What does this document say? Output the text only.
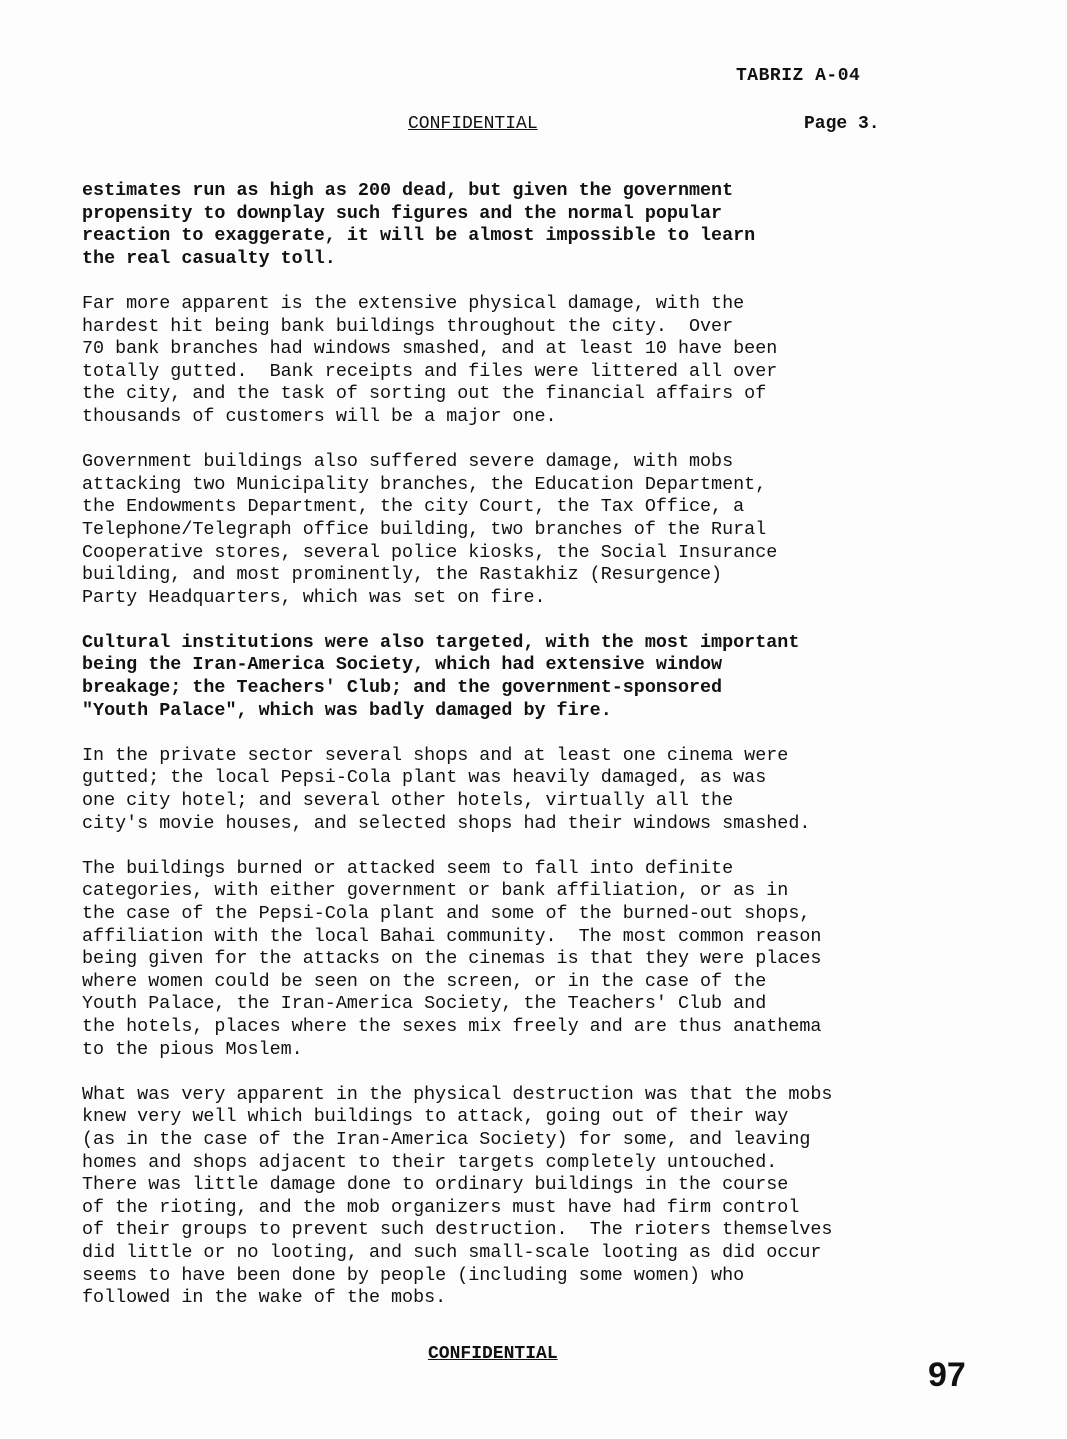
TABRIZ A-04
CONFIDENTIAL	Page 3.

estimates run as high as 200 dead, but given the government
propensity to downplay such figures and the normal popular
reaction to exaggerate, it will be almost impossible to learn
the real casualty toll.

Far more apparent is the extensive physical damage, with the
hardest hit being bank buildings throughout the city.  Over
70 bank branches had windows smashed, and at least 10 have been
totally gutted.  Bank receipts and files were littered all over
the city, and the task of sorting out the financial affairs of
thousands of customers will be a major one.

Government buildings also suffered severe damage, with mobs
attacking two Municipality branches, the Education Department,
the Endowments Department, the city Court, the Tax Office, a
Telephone/Telegraph office building, two branches of the Rural
Cooperative stores, several police kiosks, the Social Insurance
building, and most prominently, the Rastakhiz (Resurgence)
Party Headquarters, which was set on fire.

Cultural institutions were also targeted, with the most important
being the Iran-America Society, which had extensive window
breakage; the Teachers' Club; and the government-sponsored
"Youth Palace", which was badly damaged by fire.

In the private sector several shops and at least one cinema were
gutted; the local Pepsi-Cola plant was heavily damaged, as was
one city hotel; and several other hotels, virtually all the
city's movie houses, and selected shops had their windows smashed.

The buildings burned or attacked seem to fall into definite
categories, with either government or bank affiliation, or as in
the case of the Pepsi-Cola plant and some of the burned-out shops,
affiliation with the local Bahai community.  The most common reason
being given for the attacks on the cinemas is that they were places
where women could be seen on the screen, or in the case of the
Youth Palace, the Iran-America Society, the Teachers' Club and
the hotels, places where the sexes mix freely and are thus anathema
to the pious Moslem.

What was very apparent in the physical destruction was that the mobs
knew very well which buildings to attack, going out of their way
(as in the case of the Iran-America Society) for some, and leaving
homes and shops adjacent to their targets completely untouched.
There was little damage done to ordinary buildings in the course
of the rioting, and the mob organizers must have had firm control
of their groups to prevent such destruction.  The rioters themselves
did little or no looting, and such small-scale looting as did occur
seems to have been done by people (including some women) who
followed in the wake of the mobs.

CONFIDENTIAL
97
